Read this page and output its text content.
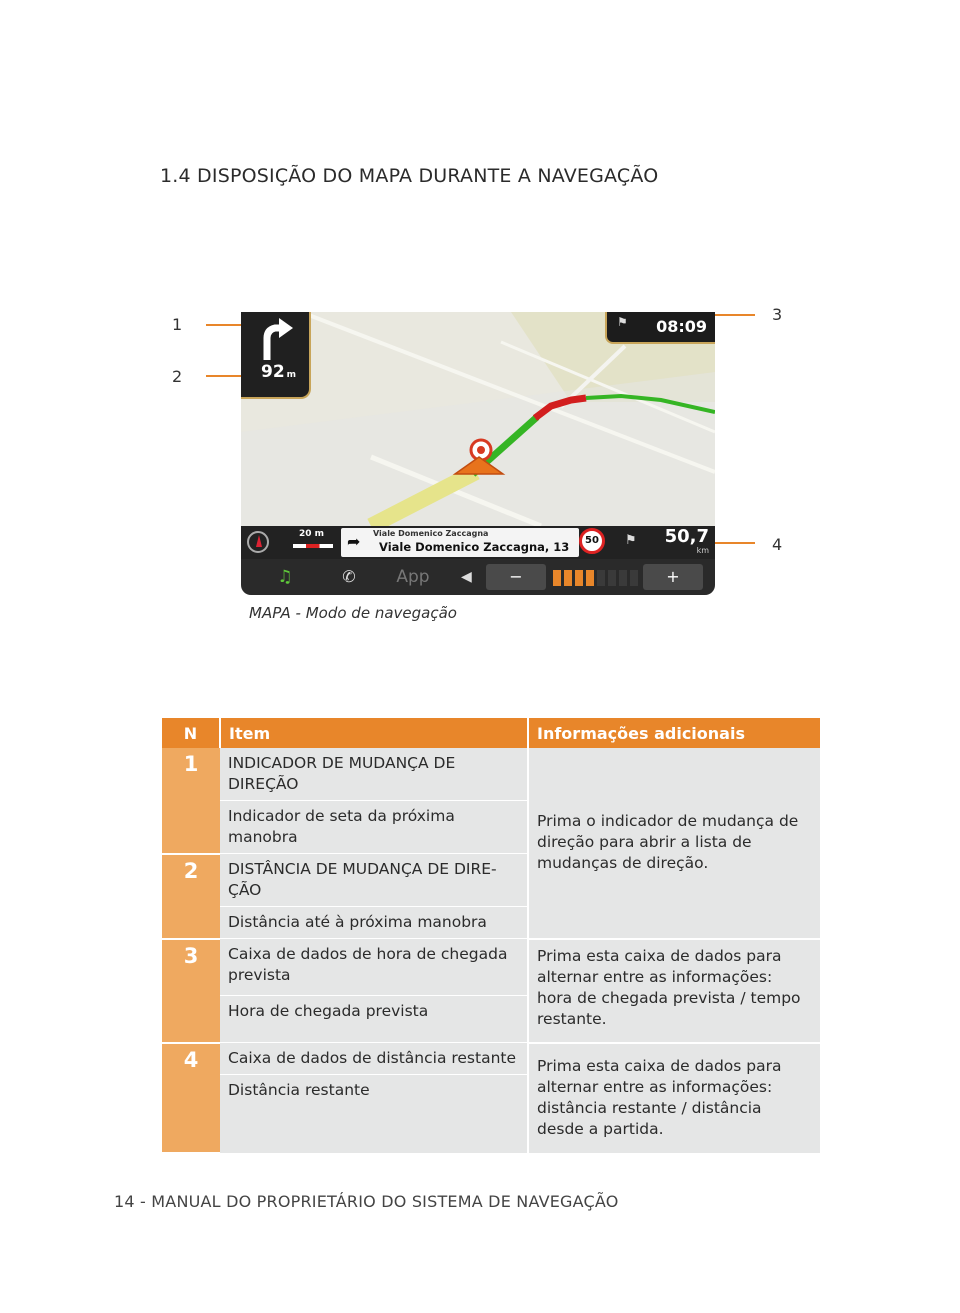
1.4 DISPOSIÇÃO DO MAPA DURANTE A NAVEGAÇÃO
1
2
3
4
92 m
⚑ 08:09
20 m ➦ Viale Domenico Zaccagna
Viale Domenico Zaccagna, 13	50	⚑ 50,7
km
♫	✆	App	◀	−	+
MAPA - Modo de navegação
N	Item	Informações adicionais
1	INDICADOR DE MUDANÇA DE DIREÇÃO	Prima o indicador de mudança de direção para abrir a lista de mudanças de direção.
	Indicador de seta da próxima manobra	
2	DISTÂNCIA DE MUDANÇA DE DIRE- ÇÃO	
	Distância até à próxima manobra	
3	Caixa de dados de hora de chegada prevista	Prima esta caixa de dados para alternar entre as informações: hora de chegada prevista / tempo restante.
	Hora de chegada prevista	
4	Caixa de dados de distância restante	Prima esta caixa de dados para alternar entre as informações: distância restante / distância desde a partida.
	Distância restante	
14 - MANUAL DO PROPRIETÁRIO DO SISTEMA DE NAVEGAÇÃO
